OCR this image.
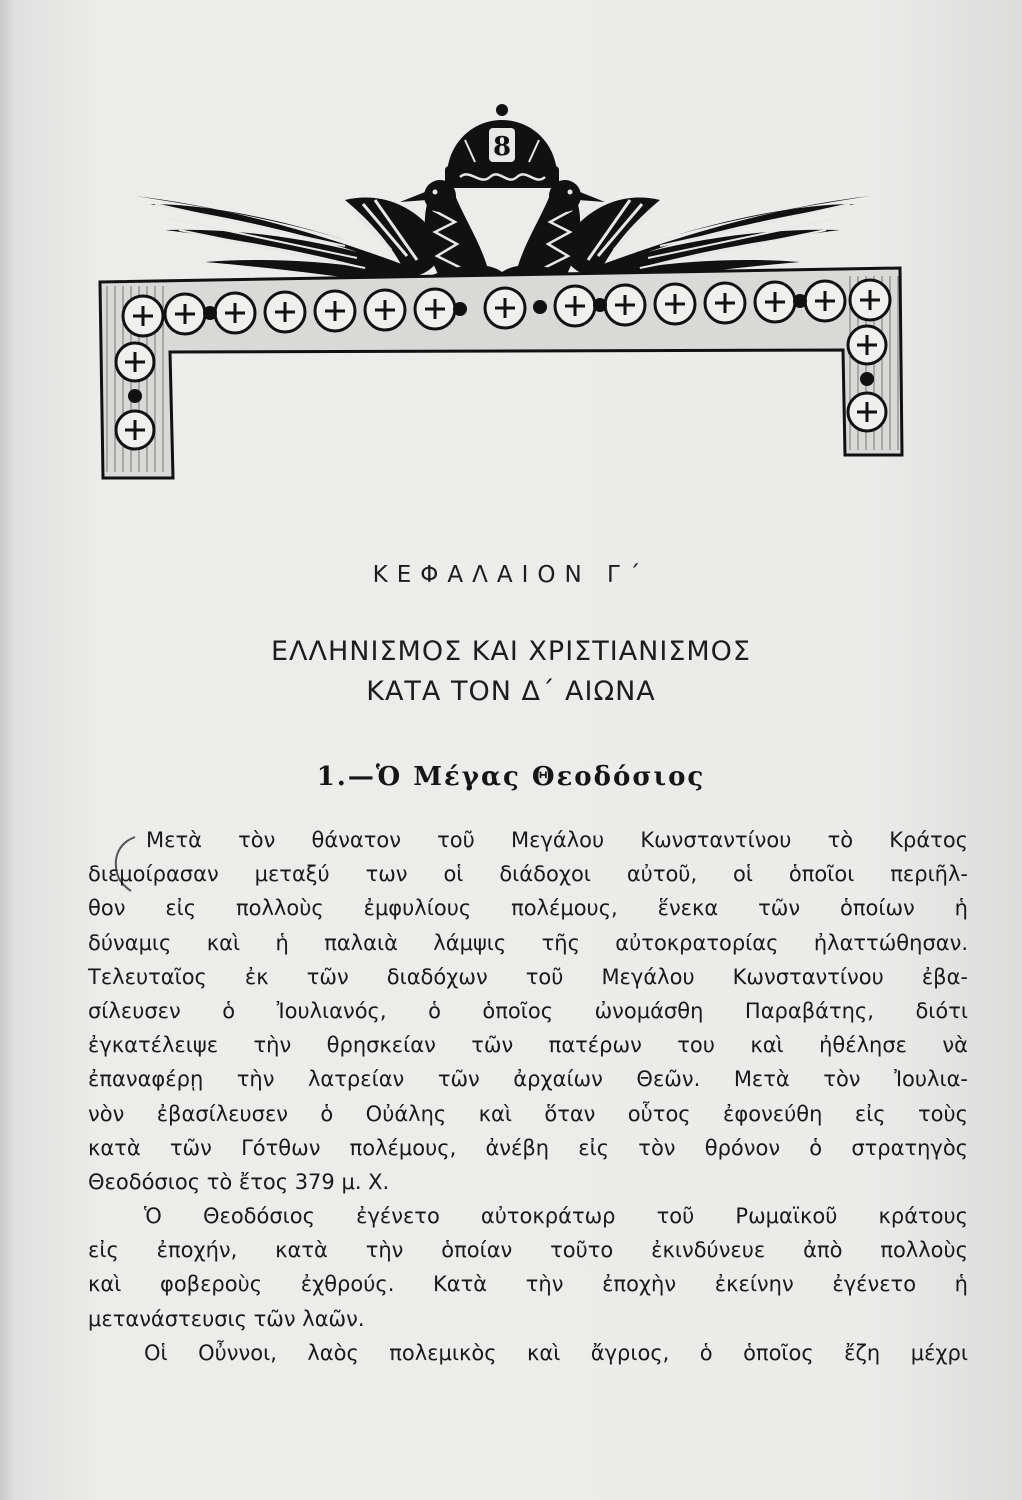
8
ΚΕΦΑΛΑΙΟΝ Γ΄
ΕΛΛΗΝΙΣΜΟΣ ΚΑΙ ΧΡΙΣΤΙΑΝΙΣΜΟΣ
ΚΑΤΑ ΤΟΝ Δ΄ ΑΙΩΝΑ
1.—Ὁ Μέγας Θεοδόσιος
Μετὰ τὸν θάνατον τοῦ Μεγάλου Κωνσταντίνου τὸ Κράτος
διεμοίρασαν μεταξύ των οἱ διάδοχοι αὐτοῦ, οἱ ὁποῖοι περιῆλ-
θον εἰς πολλοὺς ἐμφυλίους πολέμους, ἕνεκα τῶν ὁποίων ἡ
δύναμις καὶ ἡ παλαιὰ λάμψις τῆς αὐτοκρατορίας ἠλαττώθησαν.
Τελευταῖος ἐκ τῶν διαδόχων τοῦ Μεγάλου Κωνσταντίνου ἐβα-
σίλευσεν ὁ Ἰουλιανός, ὁ ὁποῖος ὠνομάσθη Παραβάτης, διότι
ἐγκατέλειψε τὴν θρησκείαν τῶν πατέρων του καὶ ἠθέλησε νὰ
ἐπαναφέρῃ τὴν λατρείαν τῶν ἀρχαίων Θεῶν. Μετὰ τὸν Ἰουλια-
νὸν ἐβασίλευσεν ὁ Οὐάλης καὶ ὅταν οὗτος ἐφονεύθη εἰς τοὺς
κατὰ τῶν Γότθων πολέμους, ἀνέβη εἰς τὸν θρόνον ὁ στρατηγὸς
Θεοδόσιος τὸ ἔτος 379 μ. Χ.
Ὁ Θεοδόσιος ἐγένετο αὐτοκράτωρ τοῦ Ρωμαϊκοῦ κράτους
εἰς ἐποχήν, κατὰ τὴν ὁποίαν τοῦτο ἐκινδύνευε ἀπὸ πολλοὺς
καὶ φοβεροὺς ἐχθρούς. Κατὰ τὴν ἐποχὴν ἐκείνην ἐγένετο ἡ
μετανάστευσις τῶν λαῶν.
Οἱ Οὖννοι, λαὸς πολεμικὸς καὶ ἄγριος, ὁ ὁποῖος ἔζη μέχρι
